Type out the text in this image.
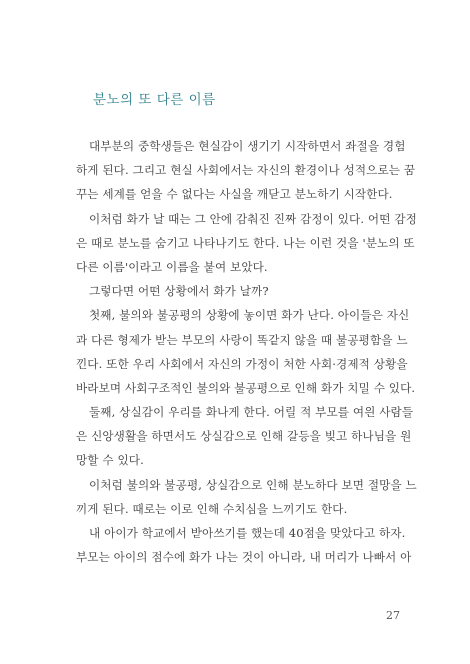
분노의 또 다른 이름
대부분의 중학생들은 현실감이 생기기 시작하면서 좌절을 경험
하게 된다. 그리고 현실 사회에서는 자신의 환경이나 성적으로는 꿈
꾸는 세계를 얻을 수 없다는 사실을 깨닫고 분노하기 시작한다.
이처럼 화가 날 때는 그 안에 감춰진 진짜 감정이 있다. 어떤 감정
은 때로 분노를 숨기고 나타나기도 한다. 나는 이런 것을 '분노의 또
다른 이름'이라고 이름을 붙여 보았다.
그렇다면 어떤 상황에서 화가 날까?
첫째, 불의와 불공평의 상황에 놓이면 화가 난다. 아이들은 자신
과 다른 형제가 받는 부모의 사랑이 똑같지 않을 때 불공평함을 느
낀다. 또한 우리 사회에서 자신의 가정이 처한 사회·경제적 상황을
바라보며 사회구조적인 불의와 불공평으로 인해 화가 치밀 수 있다.
둘째, 상실감이 우리를 화나게 한다. 어릴 적 부모를 여읜 사람들
은 신앙생활을 하면서도 상실감으로 인해 갈등을 빚고 하나님을 원
망할 수 있다.
이처럼 불의와 불공평, 상실감으로 인해 분노하다 보면 절망을 느
끼게 된다. 때로는 이로 인해 수치심을 느끼기도 한다.
내 아이가 학교에서 받아쓰기를 했는데 40점을 맞았다고 하자.
부모는 아이의 점수에 화가 나는 것이 아니라, 내 머리가 나빠서 아
27
